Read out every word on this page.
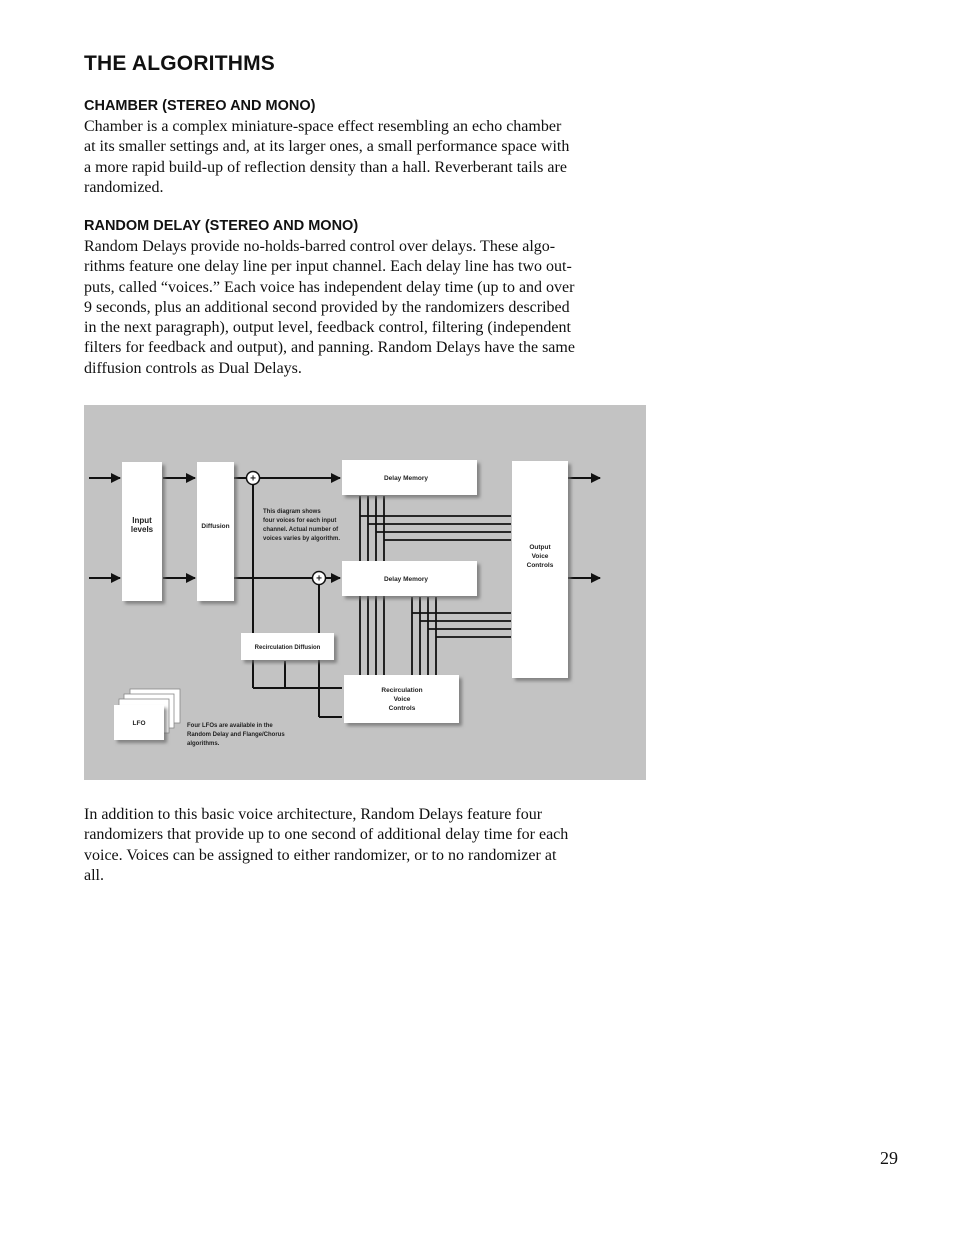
THE ALGORITHMS
CHAMBER (STEREO AND MONO)
Chamber is a complex miniature-space effect resembling an echo chamber
at its smaller settings and, at its larger ones, a small performance space with
a more rapid build-up of reflection density than a hall. Reverberant tails are
randomized.
RANDOM DELAY (STEREO AND MONO)
Random Delays provide no-holds-barred control over delays. These algo-
rithms feature one delay line per input channel. Each delay line has two out-
puts, called “voices.” Each voice has independent delay time (up to and over
9 seconds, plus an additional second provided by the randomizers described
in the next paragraph), output level, feedback control, filtering (independent
filters for feedback and output), and panning. Random Delays have the same
diffusion controls as Dual Delays.
+
+
Input
levels	Diffusion
Delay Memory
Delay Memory
Output
Voice
Controls
Recirculation Diffusion
Recirculation
Voice
Controls
LFO
This diagram shows
four voices for each input
channel. Actual number of
voices varies by algorithm.
Four LFOs are available in the
Random Delay and Flange/Chorus
algorithms.
In addition to this basic voice architecture, Random Delays feature four
randomizers that provide up to one second of additional delay time for each
voice. Voices can be assigned to either randomizer, or to no randomizer at
all.
29
